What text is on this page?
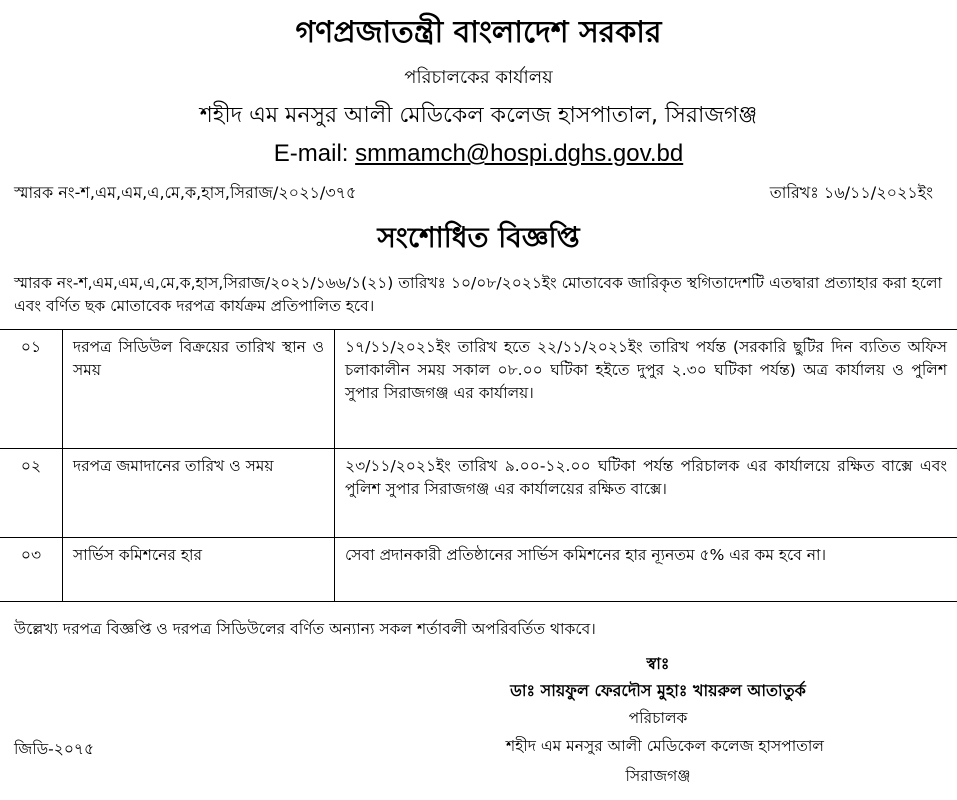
গণপ্রজাতন্ত্রী বাংলাদেশ সরকার
পরিচালকের কার্যালয়
শহীদ এম মনসুর আলী মেডিকেল কলেজ হাসপাতাল, সিরাজগঞ্জ
E-mail: smmamch@hospi.dghs.gov.bd
স্মারক নং-শ,এম,এম,এ,মে,ক,হাস,সিরাজ/২০২১/৩৭৫	তারিখঃ ১৬/১১/২০২১ইং
সংশোধিত বিজ্ঞপ্তি
স্মারক নং-শ,এম,এম,এ,মে,ক,হাস,সিরাজ/২০২১/১৬৬/১(২১) তারিখঃ ১০/০৮/২০২১ইং মোতাবেক জারিকৃত স্থগিতাদেশটি এতদ্বারা প্রত্যাহার করা হলো এবং বর্ণিত ছক মোতাবেক দরপত্র কার্যক্রম প্রতিপালিত হবে।
০১	দরপত্র সিডিউল বিক্রয়ের তারিখ স্থান ও সময়	১৭/১১/২০২১ইং তারিখ হতে ২২/১১/২০২১ইং তারিখ পর্যন্ত (সরকারি ছুটির দিন ব্যতিত অফিস চলাকালীন সময় সকাল ০৮.০০ ঘটিকা হইতে দুপুর ২.৩০ ঘটিকা পর্যন্ত) অত্র কার্যালয় ও পুলিশ সুপার সিরাজগঞ্জ এর কার্যালয়।
০২	দরপত্র জমাদানের তারিখ ও সময়	২৩/১১/২০২১ইং তারিখ ৯.০০-১২.০০ ঘটিকা পর্যন্ত পরিচালক এর কার্যালয়ে রক্ষিত বাক্সে এবং পুলিশ সুপার সিরাজগঞ্জ এর কার্যালয়ের রক্ষিত বাক্সে।
০৩	সার্ভিস কমিশনের হার	সেবা প্রদানকারী প্রতিষ্ঠানের সার্ভিস কমিশনের হার ন্যূনতম ৫% এর কম হবে না।
উল্লেখ্য দরপত্র বিজ্ঞপ্তি ও দরপত্র সিডিউলের বর্ণিত অন্যান্য সকল শর্তাবলী অপরিবর্তিত থাকবে।
স্বাঃ
ডাঃ সায়ফুল ফেরদৌস মুহাঃ খায়রুল আতাতুর্ক
পরিচালক
শহীদ এম মনসুর আলী মেডিকেল কলেজ হাসপাতাল
সিরাজগঞ্জ
জিডি-২০৭৫
